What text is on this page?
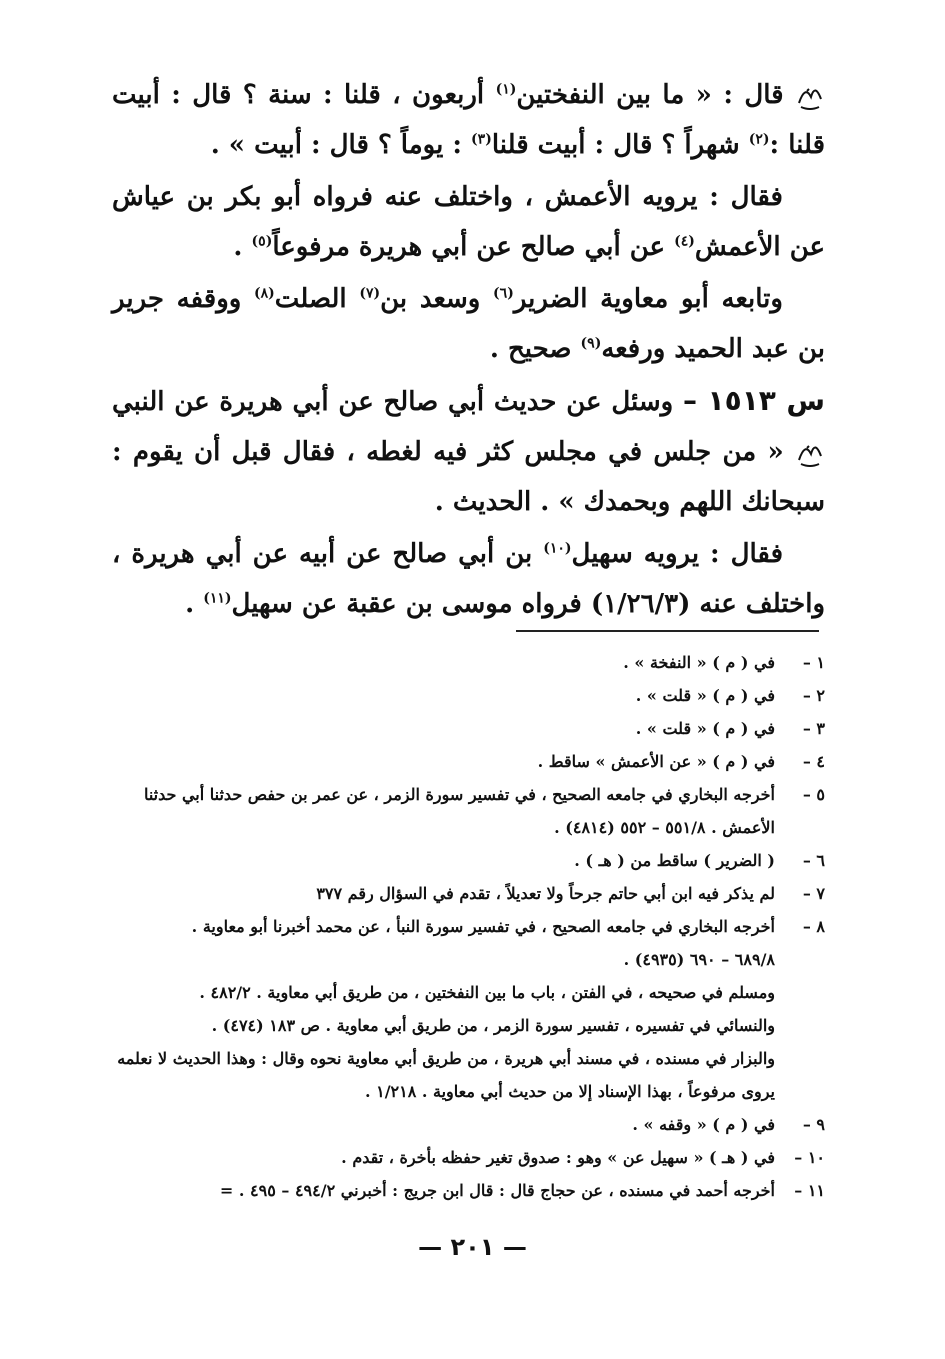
قال : « ما بين النفختين$^{(١)}$ أربعون ، قلنا : سنة ؟ قال : أبيت قلنا :$^{(٢)}$ شهراً ؟ قال : أبيت قلنا$^{(٣)}$ : يوماً ؟ قال : أبيت » .

فقال : يرويه الأعمش ، واختلف عنه فرواه أبو بكر بن عياش عن الأعمش$^{(٤)}$ عن أبي صالح عن أبي هريرة مرفوعاً$^{(٥)}$ .

وتابعه أبو معاوية الضرير$^{(٦)}$ وسعد بن$^{(٧)}$ الصلت$^{(٨)}$ ووقفه جرير بن عبد الحميد ورفعه$^{(٩)}$ صحيح .

س ١٥١٣ – وسئل عن حديث أبي صالح عن أبي هريرة عن النبي  « من جلس في مجلس كثر فيه لغطه ، فقال قبل أن يقوم : سبحانك اللهم وبحمدك » . الحديث .

فقال : يرويه سهيل$^{(١٠)}$ بن أبي صالح عن أبيه عن أبي هريرة ، واختلف عنه (١/٢٦/٣) فرواه موسى بن عقبة عن سهيل$^{(١١)}$ .

١ –
في ( م ) « النفخة » .
٢ –
في ( م ) « قلت » .
٣ –
في ( م ) « قلت » .
٤ –
في ( م ) « عن الأعمش » ساقط .
٥ –
أخرجه البخاري في جامعه الصحيح ، في تفسير سورة الزمر ، عن عمر بن حفص حدثنا أبي حدثنا
الأعمش . ٥٥١/٨ – ٥٥٢ (٤٨١٤) .
٦ –
( الضرير ) ساقط من ( هـ ) .
٧ –
لم يذكر فيه ابن أبي حاتم جرحاً ولا تعديلاً ، تقدم في السؤال رقم ٣٧٧
٨ –
أخرجه البخاري في جامعه الصحيح ، في تفسير سورة النبأ ، عن محمد أخبرنا أبو معاوية .
٦٨٩/٨ – ٦٩٠ (٤٩٣٥) .
ومسلم في صحيحه ، في الفتن ، باب ما بين النفختين ، من طريق أبي معاوية . ٤٨٢/٢ .
والنسائي في تفسيره ، تفسير سورة الزمر ، من طريق أبي معاوية . ص ١٨٣ (٤٧٤) .
والبزار في مسنده ، في مسند أبي هريرة ، من طريق أبي معاوية نحوه وقال : وهذا الحديث لا نعلمه
يروى مرفوعاً ، بهذا الإسناد إلا من حديث أبي معاوية . ١/٢١٨ .
٩ –
في ( م ) « وقفه » .
١٠ –
في ( هـ ) « سهيل عن » وهو : صدوق تغير حفظه بأخرة ، تقدم .
١١ –
أخرجه أحمد في مسنده ، عن حجاج قال : قال ابن جريج : أخبرني ٤٩٤/٢ – ٤٩٥ . =
— ٢٠١ —
